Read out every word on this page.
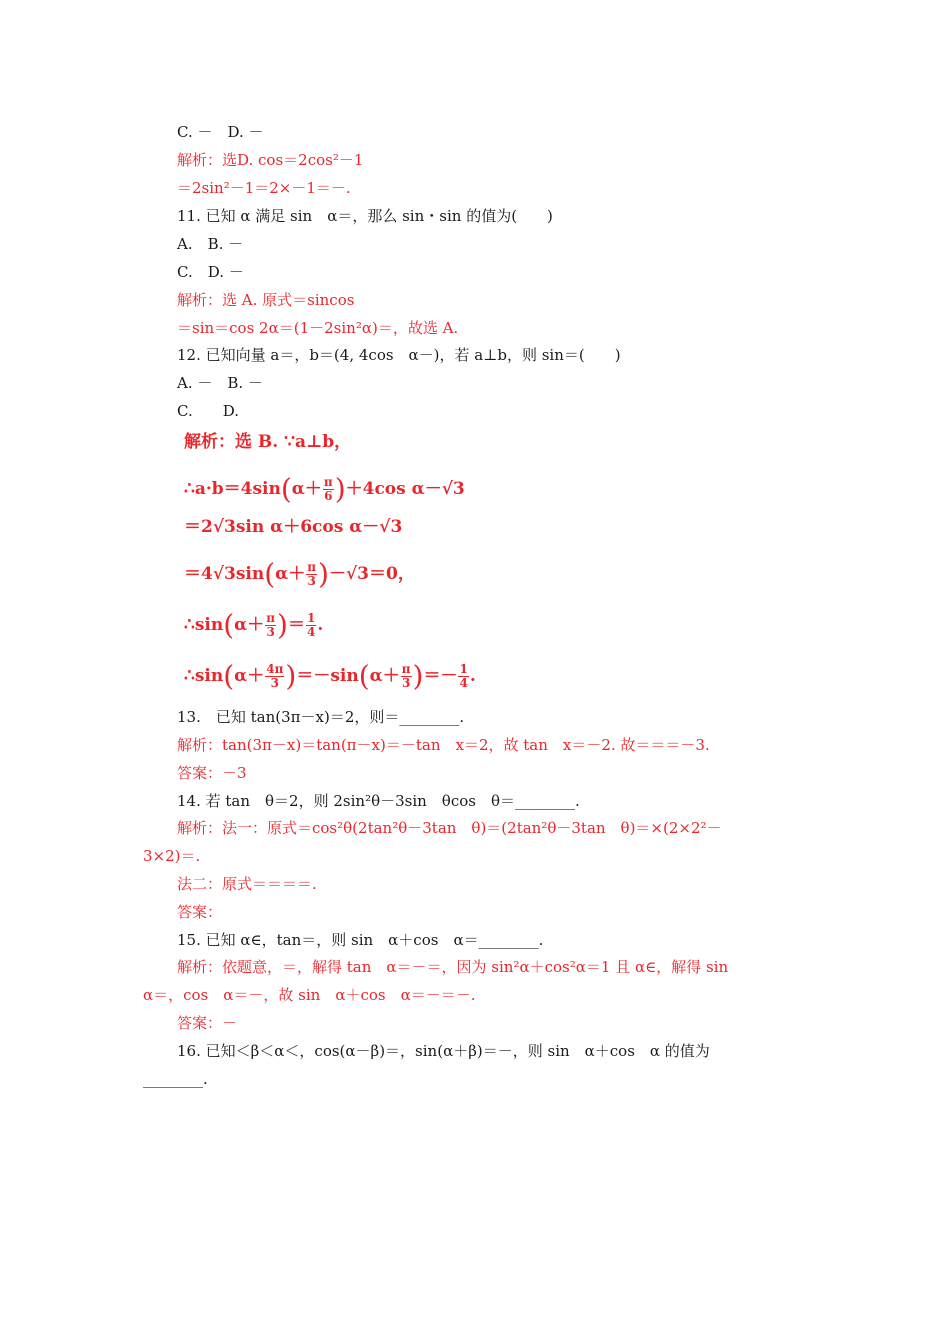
C. －　D. －
解析：选D. cos＝2cos²－1
＝2sin²－1＝2×－1＝－.
11. 已知 α 满足 sin　α＝，那么 sin・sin 的值为(　　)
A.　B. －
C.　D. －
解析：选 A. 原式＝sincos
＝sin＝cos 2α＝(1－2sin²α)＝，故选 A.
12. 已知向量 a＝，b＝(4, 4cos　α－)，若 a⊥b，则 sin＝(　　)
A. －　B. －
C.　　D.
解析：选 B. ∵a⊥b，
∴a·b＝4sin(α＋ $\frac{\pi}{6} )+4\cos$ α－√3
＝2√3sin α＋6cos α－√3
$=4√3\sin(\alpha+ \frac{\pi}{3} )-√3=0$，
∴sin(α＋ $\frac{\pi}{3}$ )＝ $\frac{1}{4}$ .
∴sin(α＋ $\frac{4\pi}{3} )=-\sin(\alpha+ \frac{\pi}{3}$ )＝－ $\frac{1}{4}$ .
13.　已知 tan(3π－x)＝2，则＝________.
解析：tan(3π－x)＝tan(π－x)＝－tan　x＝2，故 tan　x＝－2. 故＝＝＝－3.
答案：－3
14. 若 tan　θ＝2，则 2sin²θ－3sin　θcos　θ＝________.
解析：法一：原式＝cos²θ(2tan²θ－3tan　θ)＝(2tan²θ－3tan　θ)＝×(2×2²－
3×2)＝.
法二：原式＝＝＝＝.
答案：
15. 已知 α∈，tan＝，则 sin　α＋cos　α＝________.
解析：依题意，＝，解得 tan　α＝－＝，因为 sin²α＋cos²α＝1 且 α∈，解得 sin
α＝，cos　α＝－，故 sin　α＋cos　α＝－＝－.
答案：－
16. 已知＜β＜α＜，cos(α－β)＝，sin(α＋β)＝－，则 sin　α＋cos　α 的值为
________.
